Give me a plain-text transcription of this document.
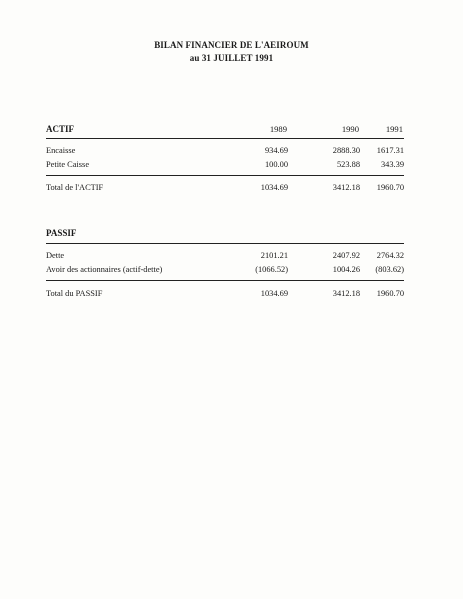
BILAN FINANCIER DE L'AEIROUM
au 31 JUILLET 1991
ACTIF	1989	1990	1991
Encaisse	934.69	2888.30	1617.31
Petite Caisse	100.00	523.88	343.39
Total de l'ACTIF	1034.69	3412.18	1960.70
PASSIF
Dette	2101.21	2407.92	2764.32
Avoir des actionnaires (actif-dette)	(1066.52)	1004.26	(803.62)
Total du PASSIF	1034.69	3412.18	1960.70
